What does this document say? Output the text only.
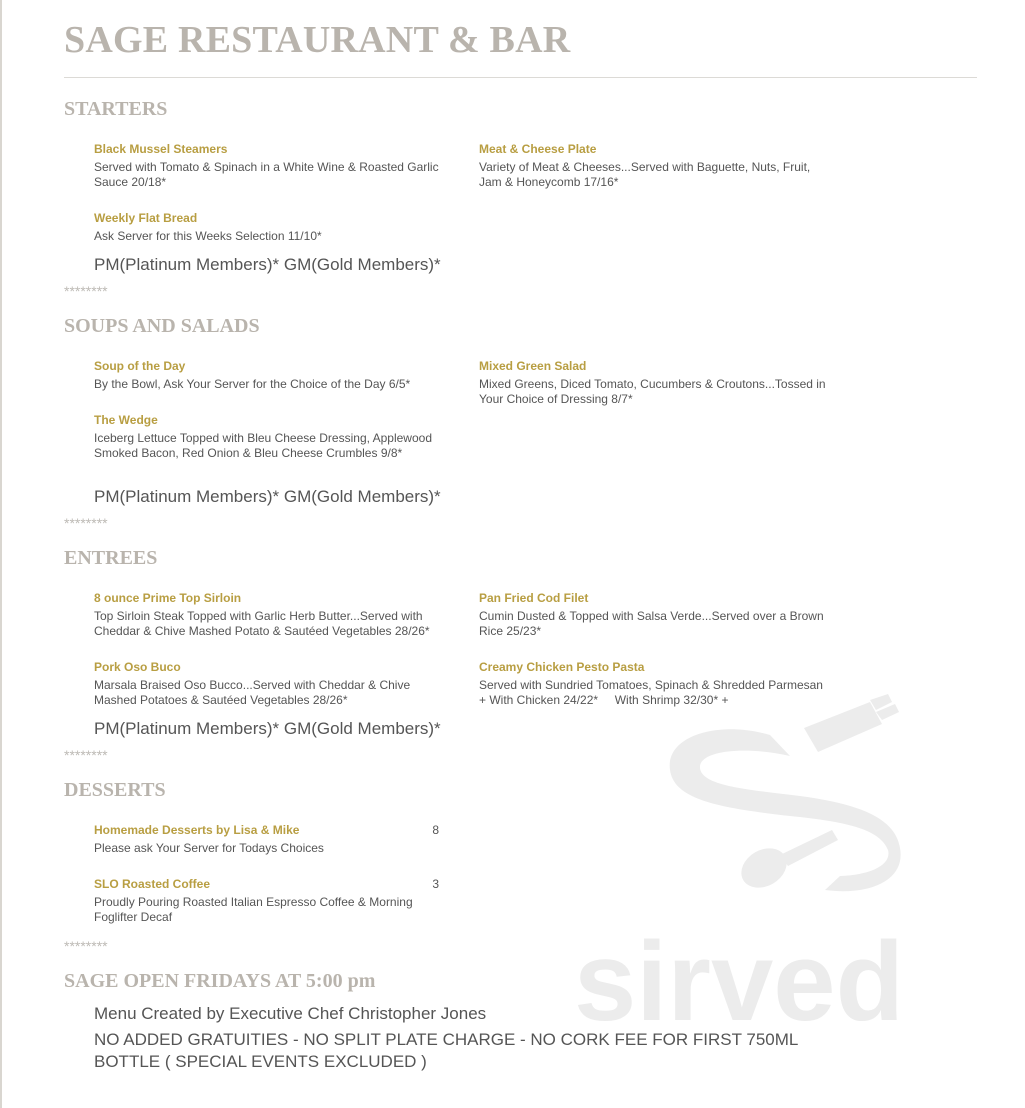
sirved
SAGE RESTAURANT & BAR
STARTERS
Black Mussel Steamers
Served with Tomato & Spinach in a White Wine & Roasted Garlic Sauce 20/18*
Meat & Cheese Plate
Variety of Meat & Cheeses...Served with Baguette, Nuts, Fruit, Jam & Honeycomb 17/16*
Weekly Flat Bread
Ask Server for this Weeks Selection 11/10*
PM(Platinum Members)* GM(Gold Members)*
********
SOUPS AND SALADS
Soup of the Day
By the Bowl, Ask Your Server for the Choice of the Day 6/5*
Mixed Green Salad
Mixed Greens, Diced Tomato, Cucumbers & Croutons...Tossed in Your Choice of Dressing 8/7*
The Wedge
Iceberg Lettuce Topped with Bleu Cheese Dressing, Applewood Smoked Bacon, Red Onion & Bleu Cheese Crumbles 9/8*
PM(Platinum Members)* GM(Gold Members)*
********
ENTREES
8 ounce Prime Top Sirloin
Top Sirloin Steak Topped with Garlic Herb Butter...Served with Cheddar & Chive Mashed Potato & Sautéed Vegetables 28/26*
Pan Fried Cod Filet
Cumin Dusted & Topped with Salsa Verde...Served over a Brown Rice 25/23*
Pork Oso Buco
Marsala Braised Oso Bucco...Served with Cheddar & Chive Mashed Potatoes & Sautéed Vegetables 28/26*
Creamy Chicken Pesto Pasta
Served with Sundried Tomatoes, Spinach & Shredded Parmesan    + With Chicken 24/22*     With Shrimp 32/30* +
PM(Platinum Members)* GM(Gold Members)*
********
DESSERTS
Homemade Desserts by Lisa & Mike	8
Please ask Your Server for Todays Choices
SLO Roasted Coffee	3
Proudly Pouring Roasted Italian Espresso Coffee & Morning Foglifter Decaf
********
SAGE OPEN FRIDAYS AT 5:00 pm
Menu Created by Executive Chef Christopher Jones
NO ADDED GRATUITIES - NO SPLIT PLATE CHARGE - NO CORK FEE FOR FIRST 750ML BOTTLE ( SPECIAL EVENTS EXCLUDED )
